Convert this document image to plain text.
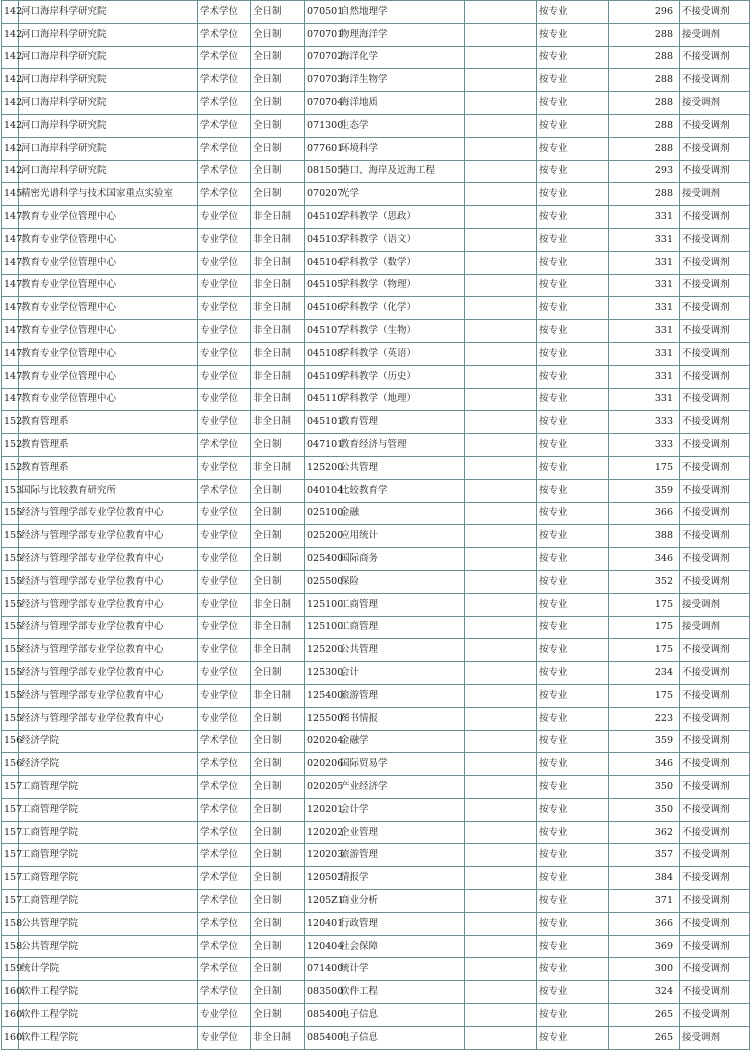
142	河口海岸科学研究院	学术学位	全日制	070501自然地理学		按专业	296	不接受调剂
142	河口海岸科学研究院	学术学位	全日制	070701物理海洋学		按专业	288	接受调剂
142	河口海岸科学研究院	学术学位	全日制	070702海洋化学		按专业	288	不接受调剂
142	河口海岸科学研究院	学术学位	全日制	070703海洋生物学		按专业	288	不接受调剂
142	河口海岸科学研究院	学术学位	全日制	070704海洋地质		按专业	288	接受调剂
142	河口海岸科学研究院	学术学位	全日制	071300生态学		按专业	288	不接受调剂
142	河口海岸科学研究院	学术学位	全日制	077601环境科学		按专业	288	不接受调剂
142	河口海岸科学研究院	学术学位	全日制	081505港口、海岸及近海工程		按专业	293	不接受调剂
145	精密光谱科学与技术国家重点实验室	学术学位	全日制	070207光学		按专业	288	接受调剂
147	教育专业学位管理中心	专业学位	非全日制	045102学科教学（思政）		按专业	331	不接受调剂
147	教育专业学位管理中心	专业学位	非全日制	045103学科教学（语文）		按专业	331	不接受调剂
147	教育专业学位管理中心	专业学位	非全日制	045104学科教学（数学）		按专业	331	不接受调剂
147	教育专业学位管理中心	专业学位	非全日制	045105学科教学（物理）		按专业	331	不接受调剂
147	教育专业学位管理中心	专业学位	非全日制	045106学科教学（化学）		按专业	331	不接受调剂
147	教育专业学位管理中心	专业学位	非全日制	045107学科教学（生物）		按专业	331	不接受调剂
147	教育专业学位管理中心	专业学位	非全日制	045108学科教学（英语）		按专业	331	不接受调剂
147	教育专业学位管理中心	专业学位	非全日制	045109学科教学（历史）		按专业	331	不接受调剂
147	教育专业学位管理中心	专业学位	非全日制	045110学科教学（地理）		按专业	331	不接受调剂
152	教育管理系	专业学位	非全日制	045101教育管理		按专业	333	不接受调剂
152	教育管理系	学术学位	全日制	047101教育经济与管理		按专业	333	不接受调剂
152	教育管理系	专业学位	非全日制	125200公共管理		按专业	175	不接受调剂
153	国际与比较教育研究所	学术学位	全日制	040104比较教育学		按专业	359	不接受调剂
155	经济与管理学部专业学位教育中心	专业学位	全日制	025100金融		按专业	366	不接受调剂
155	经济与管理学部专业学位教育中心	专业学位	全日制	025200应用统计		按专业	388	不接受调剂
155	经济与管理学部专业学位教育中心	专业学位	全日制	025400国际商务		按专业	346	不接受调剂
155	经济与管理学部专业学位教育中心	专业学位	全日制	025500保险		按专业	352	不接受调剂
155	经济与管理学部专业学位教育中心	专业学位	非全日制	125100工商管理		按专业	175	接受调剂
155	经济与管理学部专业学位教育中心	专业学位	非全日制	125100工商管理		按专业	175	接受调剂
155	经济与管理学部专业学位教育中心	专业学位	非全日制	125200公共管理		按专业	175	不接受调剂
155	经济与管理学部专业学位教育中心	专业学位	全日制	125300会计		按专业	234	不接受调剂
155	经济与管理学部专业学位教育中心	专业学位	非全日制	125400旅游管理		按专业	175	不接受调剂
155	经济与管理学部专业学位教育中心	专业学位	全日制	125500图书情报		按专业	223	不接受调剂
156	经济学院	学术学位	全日制	020204金融学		按专业	359	不接受调剂
156	经济学院	学术学位	全日制	020206国际贸易学		按专业	346	不接受调剂
157	工商管理学院	学术学位	全日制	020205产业经济学		按专业	350	不接受调剂
157	工商管理学院	学术学位	全日制	120201会计学		按专业	350	不接受调剂
157	工商管理学院	学术学位	全日制	120202企业管理		按专业	362	不接受调剂
157	工商管理学院	学术学位	全日制	120203旅游管理		按专业	357	不接受调剂
157	工商管理学院	学术学位	全日制	120502情报学		按专业	384	不接受调剂
157	工商管理学院	学术学位	全日制	1205Z1商业分析		按专业	371	不接受调剂
158	公共管理学院	学术学位	全日制	120401行政管理		按专业	366	不接受调剂
158	公共管理学院	学术学位	全日制	120404社会保障		按专业	369	不接受调剂
159	统计学院	学术学位	全日制	071400统计学		按专业	300	不接受调剂
160	软件工程学院	学术学位	全日制	083500软件工程		按专业	324	不接受调剂
160	软件工程学院	专业学位	全日制	085400电子信息		按专业	265	不接受调剂
160	软件工程学院	专业学位	非全日制	085400电子信息		按专业	265	接受调剂
